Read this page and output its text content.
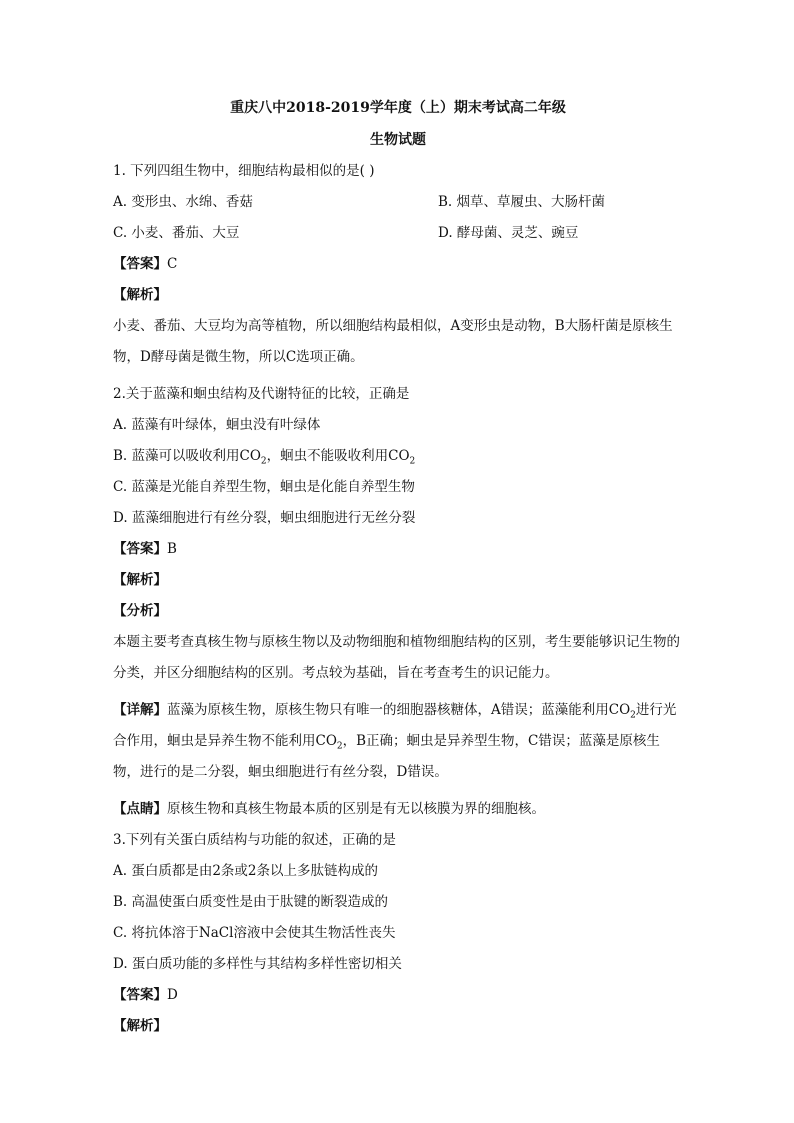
重庆八中2018-2019学年度（上）期末考试高二年级
生物试题
1. 下列四组生物中，细胞结构最相似的是( )
A. 变形虫、水绵、香菇	B. 烟草、草履虫、大肠杆菌
C. 小麦、番茄、大豆	D. 酵母菌、灵芝、豌豆
【答案】C
【解析】
小麦、番茄、大豆均为高等植物，所以细胞结构最相似，A变形虫是动物，B大肠杆菌是原核生物，D酵母菌是微生物，所以C选项正确。
2.关于蓝藻和蛔虫结构及代谢特征的比较，正确是
A. 蓝藻有叶绿体，蛔虫没有叶绿体
B. 蓝藻可以吸收利用$CO_2$，蛔虫不能吸收利用$CO_2$
C. 蓝藻是光能自养型生物，蛔虫是化能自养型生物
D. 蓝藻细胞进行有丝分裂，蛔虫细胞进行无丝分裂
【答案】B
【解析】
【分析】
本题主要考查真核生物与原核生物以及动物细胞和植物细胞结构的区别，考生要能够识记生物的分类，并区分细胞结构的区别。考点较为基础，旨在考查考生的识记能力。
【详解】蓝藻为原核生物，原核生物只有唯一的细胞器核糖体，A错误；蓝藻能利用$CO_2$进行光合作用，蛔虫是异养生物不能利用$CO_2$，B正确；蛔虫是异养型生物，C错误；蓝藻是原核生物，进行的是二分裂，蛔虫细胞进行有丝分裂，D错误。
【点睛】原核生物和真核生物最本质的区别是有无以核膜为界的细胞核。
3.下列有关蛋白质结构与功能的叙述，正确的是
A. 蛋白质都是由2条或2条以上多肽链构成的
B. 高温使蛋白质变性是由于肽键的断裂造成的
C. 将抗体溶于NaCl溶液中会使其生物活性丧失
D. 蛋白质功能的多样性与其结构多样性密切相关
【答案】D
【解析】
